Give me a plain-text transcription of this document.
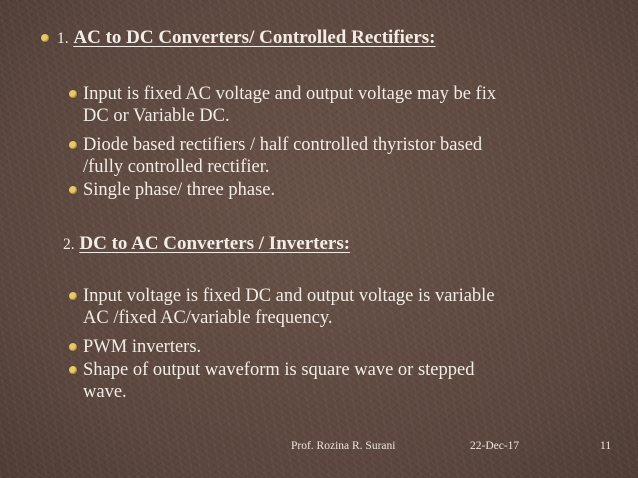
1. AC to DC Converters/ Controlled Rectifiers:
Input is fixed AC voltage and output voltage may be fix
DC or Variable DC.
Diode based rectifiers / half controlled thyristor based
/fully controlled rectifier.
Single phase/ three phase.
2. DC to AC Converters / Inverters:
Input voltage is fixed DC and output voltage is variable
AC /fixed AC/variable frequency.
PWM inverters.
Shape of output waveform is square wave or stepped
wave.
Prof. Rozina R. Surani	22-Dec-17	11
